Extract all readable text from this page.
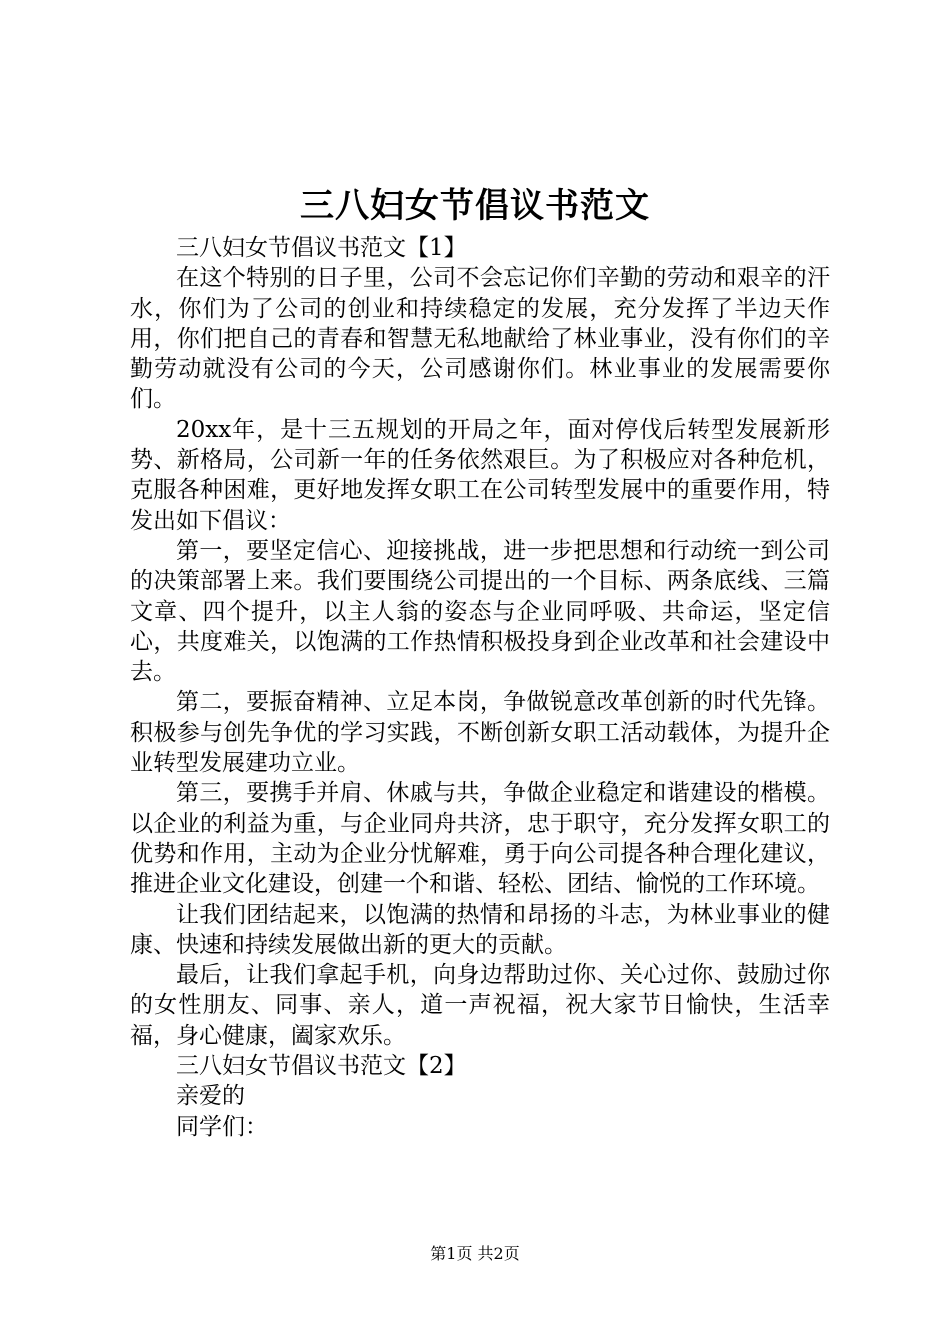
三八妇女节倡议书范文

三八妇女节倡议书范文【1】

在这个特别的日子里，公司不会忘记你们辛勤的劳动和艰辛的汗水，你们为了公司的创业和持续稳定的发展，充分发挥了半边天作用，你们把自己的青春和智慧无私地献给了林业事业，没有你们的辛勤劳动就没有公司的今天，公司感谢你们。林业事业的发展需要你们。

20xx年，是十三五规划的开局之年，面对停伐后转型发展新形势、新格局，公司新一年的任务依然艰巨。为了积极应对各种危机，克服各种困难，更好地发挥女职工在公司转型发展中的重要作用，特发出如下倡议：

第一，要坚定信心、迎接挑战，进一步把思想和行动统一到公司的决策部署上来。我们要围绕公司提出的一个目标、两条底线、三篇文章、四个提升，以主人翁的姿态与企业同呼吸、共命运，坚定信心，共度难关，以饱满的工作热情积极投身到企业改革和社会建设中去。

第二，要振奋精神、立足本岗，争做锐意改革创新的时代先锋。积极参与创先争优的学习实践，不断创新女职工活动载体，为提升企业转型发展建功立业。

第三，要携手并肩、休戚与共，争做企业稳定和谐建设的楷模。以企业的利益为重，与企业同舟共济，忠于职守，充分发挥女职工的优势和作用，主动为企业分忧解难，勇于向公司提各种合理化建议，推进企业文化建设，创建一个和谐、轻松、团结、愉悦的工作环境。

让我们团结起来，以饱满的热情和昂扬的斗志，为林业事业的健康、快速和持续发展做出新的更大的贡献。

最后，让我们拿起手机，向身边帮助过你、关心过你、鼓励过你的女性朋友、同事、亲人，道一声祝福，祝大家节日愉快，生活幸福，身心健康，阖家欢乐。

三八妇女节倡议书范文【2】

亲爱的

同学们：

第1页 共2页
